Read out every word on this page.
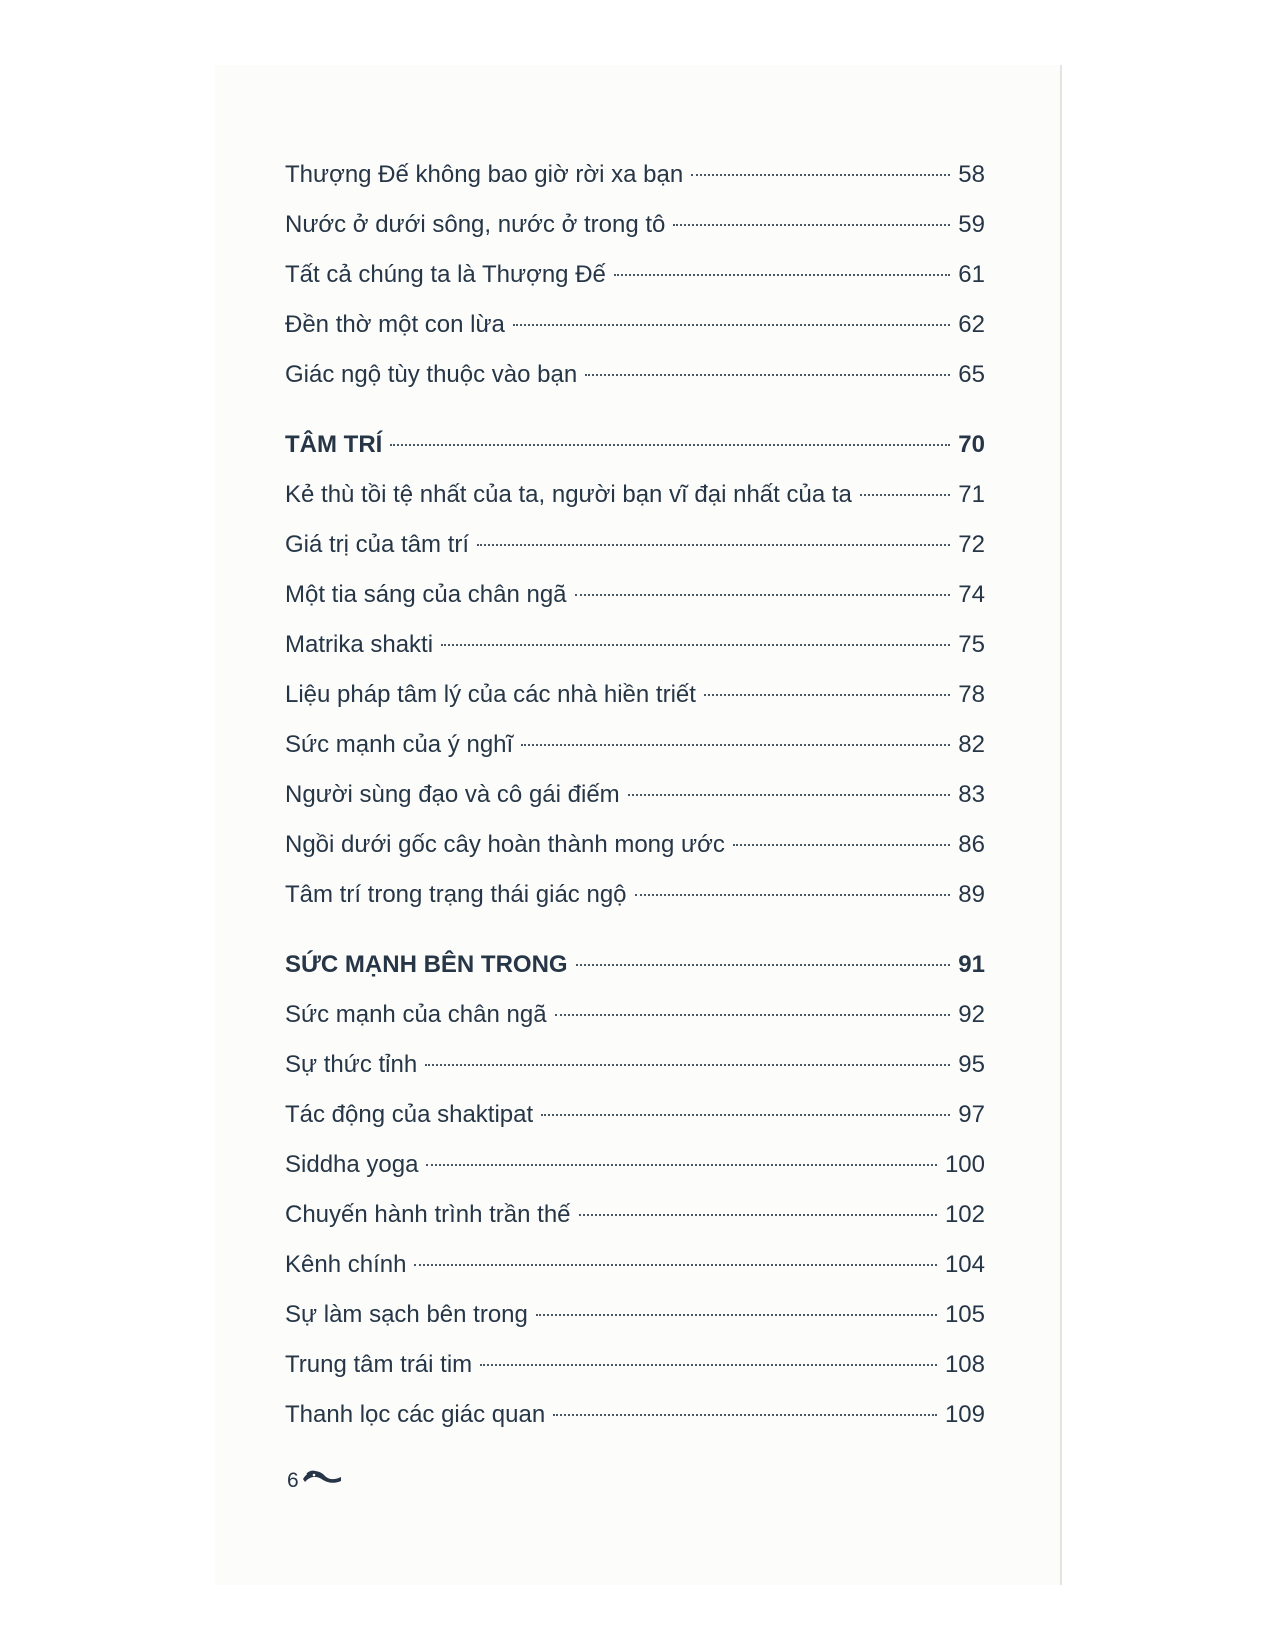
Thượng Đế không bao giờ rời xa bạn	58
Nước ở dưới sông, nước ở trong tô	59
Tất cả chúng ta là Thượng Đế	61
Đền thờ một con lừa	62
Giác ngộ tùy thuộc vào bạn	65
TÂM TRÍ	70
Kẻ thù tồi tệ nhất của ta, người bạn vĩ đại nhất của ta	71
Giá trị của tâm trí	72
Một tia sáng của chân ngã	74
Matrika shakti	75
Liệu pháp tâm lý của các nhà hiền triết	78
Sức mạnh của ý nghĩ	82
Người sùng đạo và cô gái điếm	83
Ngồi dưới gốc cây hoàn thành mong ước	86
Tâm trí trong trạng thái giác ngộ	89
SỨC MẠNH BÊN TRONG	91
Sức mạnh của chân ngã	92
Sự thức tỉnh	95
Tác động của shaktipat	97
Siddha yoga	100
Chuyến hành trình trần thế	102
Kênh chính	104
Sự làm sạch bên trong	105
Trung tâm trái tim	108
Thanh lọc các giác quan	109
6
